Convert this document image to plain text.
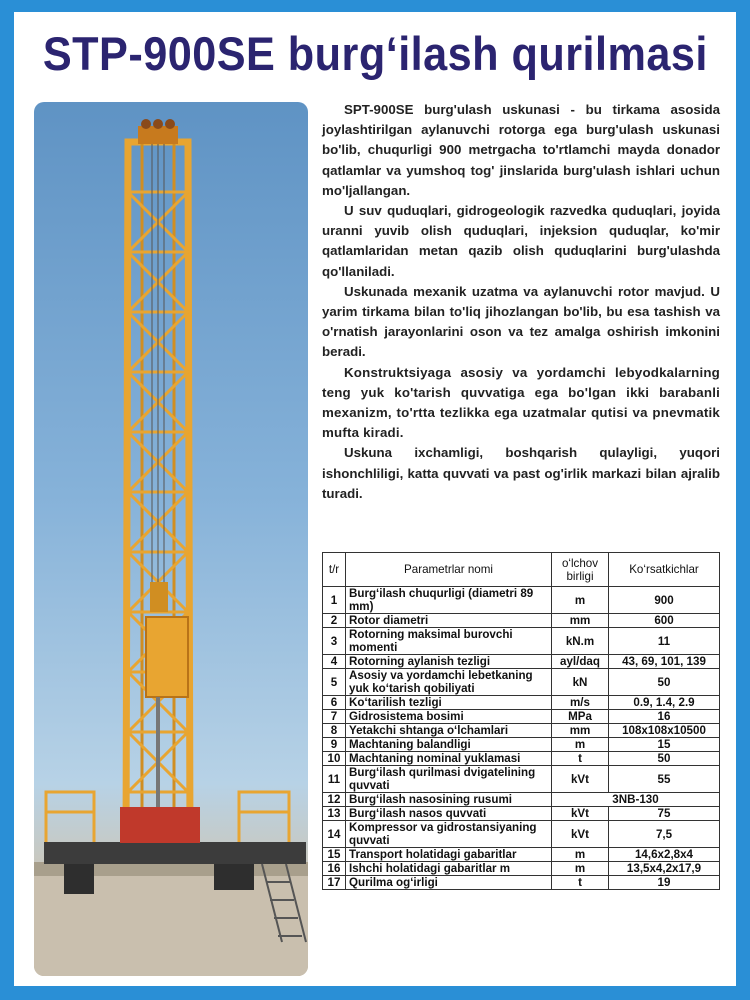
STP-900SE burg‘ilash qurilmasi

SPT-900SE burg'ulash uskunasi - bu tirkama asosida joylashtirilgan aylanuvchi rotorga ega burg'ulash uskunasi bo'lib, chuqurligi 900 metrgacha to'rtlamchi mayda donador qatlamlar va yumshoq tog' jinslarida burg'ulash ishlari uchun mo'ljallangan.

U suv quduqlari, gidrogeologik razvedka quduqlari, joyida uranni yuvib olish quduqlari, injeksion quduqlar, ko'mir qatlamlaridan metan qazib olish quduqlarini burg'ulashda qo'llaniladi.

Uskunada mexanik uzatma va aylanuvchi rotor mavjud. U yarim tirkama bilan to'liq jihozlangan bo'lib, bu esa tashish va o'rnatish jarayonlarini oson va tez amalga oshirish imkonini beradi.

Konstruktsiyaga asosiy va yordamchi lebyodkalarning teng yuk ko'tarish quvvatiga ega bo'lgan ikki barabanli mexanizm, to'rtta tezlikka ega uzatmalar qutisi va pnevmatik mufta kiradi.

Uskuna ixchamligi, boshqarish qulayligi, yuqori ishonchliligi, katta quvvati va past og'irlik markazi bilan ajralib turadi.

t/r	Parametrlar nomi	o‘lchov birligi	Ko‘rsatkichlar
1	Burg‘ilash chuqurligi (diametri 89 mm)	m	900
2	Rotor diametri	mm	600
3	Rotorning maksimal burovchi momenti	kN.m	11
4	Rotorning aylanish tezligi	ayl/daq	43, 69, 101, 139
5	Asosiy va yordamchi lebetkaning yuk ko‘tarish qobiliyati	kN	50
6	Ko‘tarilish tezligi	m/s	0.9, 1.4, 2.9
7	Gidrosistema bosimi	MPa	16
8	Yetakchi shtanga o‘lchamlari	mm	108x108x10500
9	Machtaning balandligi	m	15
10	Machtaning nominal yuklamasi	t	50
11	Burg‘ilash qurilmasi dvigatelining quvvati	kVt	55
12	Burg‘ilash nasosining rusumi	3NB-130	
13	Burg‘ilash nasos quvvati	kVt	75
14	Kompressor va gidrostansiyaning quvvati	kVt	7,5
15	Transport holatidagi gabaritlar	m	14,6x2,8x4
16	Ishchi holatidagi gabaritlar m	m	13,5x4,2x17,9
17	Qurilma og‘irligi	t	19
